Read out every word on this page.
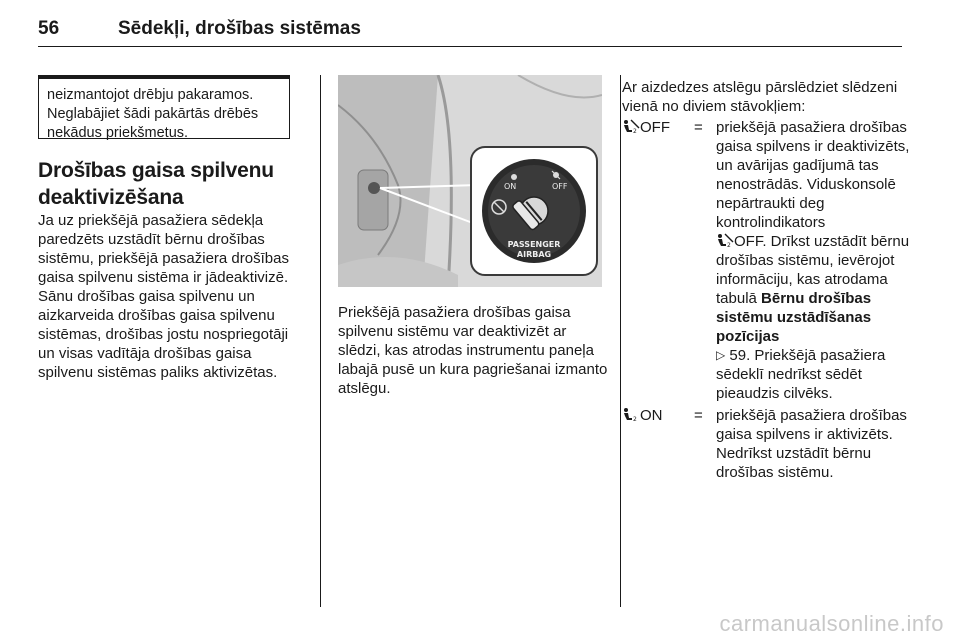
56	Sēdekļi, drošības sistēmas
neizmantojot drēbju pakaramos. Neglabājiet šādi pakārtās drēbēs nekādus priekšmetus.
Drošības gaisa spilvenu
deaktivizēšana
Ja uz priekšējā pasažiera sēdekļa paredzēts uzstādīt bērnu drošības sistēmu, priekšējā pasažiera drošības gaisa spilvenu sistēma ir jādeaktivizē. Sānu drošības gaisa spilvenu un aizkarveida drošības gaisa spilvenu sistēmas, drošības jostu nospriegotāji un visas vadītāja drošības gaisa spilvenu sistēmas paliks aktivizētas.
ON	OFF
PASSENGER
AIRBAG
Priekšējā pasažiera drošības gaisa spilvenu sistēmu var deaktivizēt ar slēdzi, kas atrodas instrumentu paneļa labajā pusē un kura pagriešanai izmanto atslēgu.
Ar aizdedzes atslēgu pārslēdziet slēdzeni vienā no diviem stāvokļiem:
2 OFF = priekšējā pasažiera drošības gaisa spilvens ir deaktivizēts, un avārijas gadījumā tas nenostrādās. Viduskonsolē nepārtraukti deg kontrolindikators

2 OFF. Drīkst uzstādīt bērnu drošības sistēmu, ievērojot informāciju, kas atrodama tabulā Bērnu drošības sistēmu uzstādīšanas pozīcijas
▷ 59. Priekšējā pasažiera sēdeklī nedrīkst sēdēt pieaudzis cilvēks.
2 ON = priekšējā pasažiera drošības gaisa spilvens ir aktivizēts. Nedrīkst uzstādīt bērnu drošības sistēmu.
carmanualsonline.info
